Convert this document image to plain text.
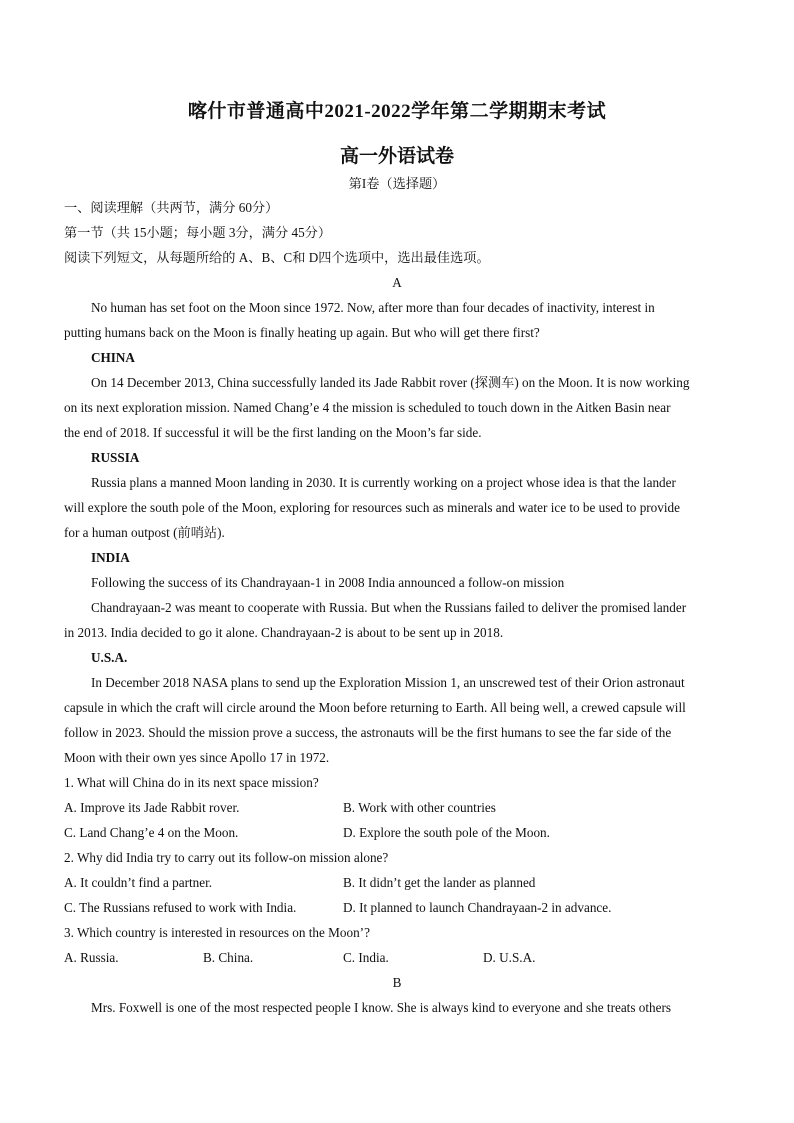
喀什市普通高中2021-2022学年第二学期期末考试
高一外语试卷
第I卷（选择题）
一、阅读理解（共两节，满分 60分）
第一节（共 15小题；每小题 3分，满分 45分）
阅读下列短文，从每题所给的 A、B、C和 D四个选项中，选出最佳选项。
A
No human has set foot on the Moon since 1972. Now, after more than four decades of inactivity, interest in
putting humans back on the Moon is finally heating up again. But who will get there first?
CHINA
On 14 December 2013, China successfully landed its Jade Rabbit rover (探测车) on the Moon. It is now working
on its next exploration mission. Named Chang’e 4 the mission is scheduled to touch down in the Aitken Basin near
the end of 2018. If successful it will be the first landing on the Moon’s far side.
RUSSIA
Russia plans a manned Moon landing in 2030. It is currently working on a project whose idea is that the lander
will explore the south pole of the Moon, exploring for resources such as minerals and water ice to be used to provide
for a human outpost (前哨站).
INDIA
Following the success of its Chandrayaan-1 in 2008 India announced a follow-on mission
Chandrayaan-2 was meant to cooperate with Russia. But when the Russians failed to deliver the promised lander
in 2013. India decided to go it alone. Chandrayaan-2 is about to be sent up in 2018.
U.S.A.
In December 2018 NASA plans to send up the Exploration Mission 1, an unscrewed test of their Orion astronaut
capsule in which the craft will circle around the Moon before returning to Earth. All being well, a crewed capsule will
follow in 2023. Should the mission prove a success, the astronauts will be the first humans to see the far side of the
Moon with their own yes since Apollo 17 in 1972.
1. What will China do in its next space mission?
A. Improve its Jade Rabbit rover.	B. Work with other countries
C. Land Chang’e 4 on the Moon.	D. Explore the south pole of the Moon.
2. Why did India try to carry out its follow-on mission alone?
A. It couldn’t find a partner.	B. It didn’t get the lander as planned
C. The Russians refused to work with India.	D. It planned to launch Chandrayaan-2 in advance.
3. Which country is interested in resources on the Moon’?
A. Russia.	B. China.	C. India.	D. U.S.A.
B
Mrs. Foxwell is one of the most respected people I know. She is always kind to everyone and she treats others
